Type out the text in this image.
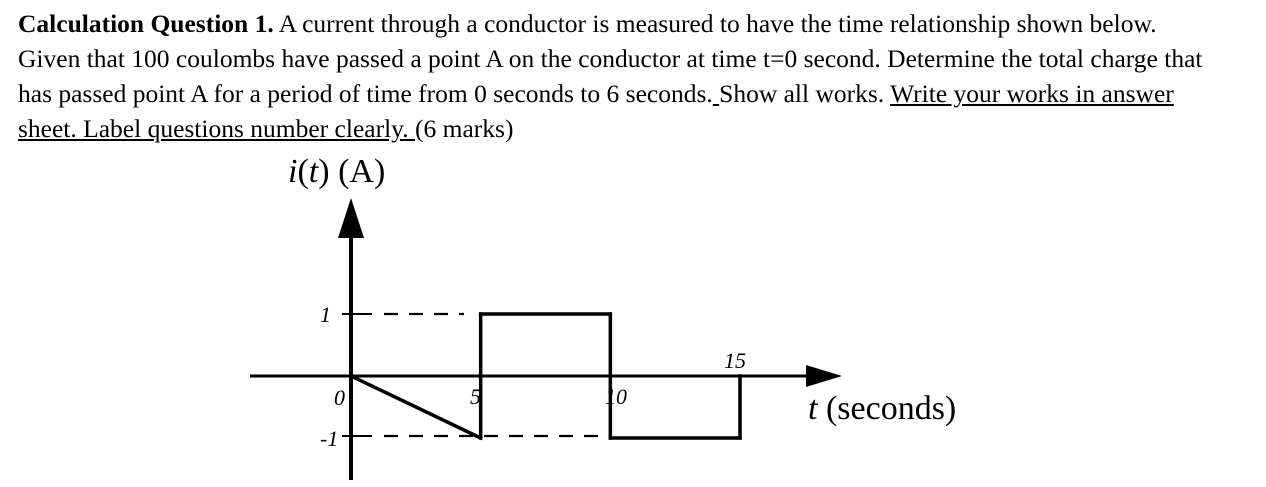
Calculation Question 1. A current through a conductor is measured to have the time relationship shown below. Given that 100 coulombs have passed a point A on the conductor at time t=0 second. Determine the total charge that has passed point A for a period of time from 0 seconds to 6 seconds. Show all works. Write your works in answer sheet. Label questions number clearly. (6 marks)
i(t) (A)
1
-1
0	5	10
15
t (seconds)
